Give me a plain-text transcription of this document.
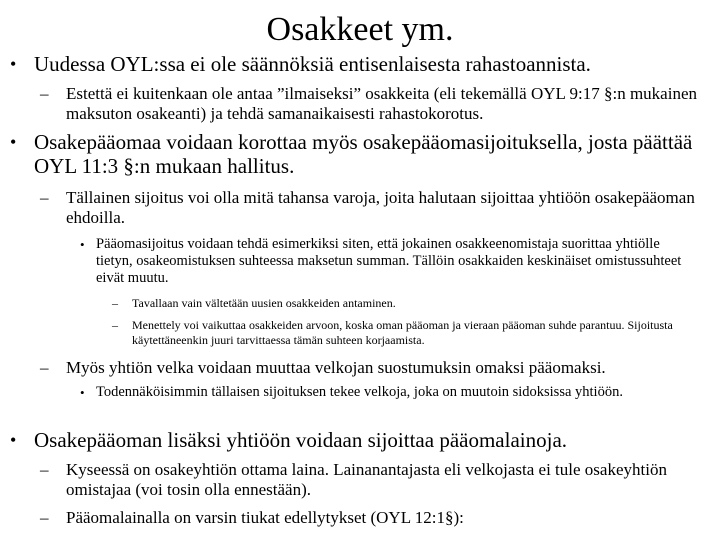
Osakkeet ym.
• Uudessa OYL:ssa ei ole säännöksiä entisenlaisesta rahastoannista.
– Estettä ei kuitenkaan ole antaa ”ilmaiseksi” osakkeita (eli tekemällä OYL 9:17 §:n mukainen maksuton osakeanti) ja tehdä samanaikaisesti rahastokorotus.
• Osakepääomaa voidaan korottaa myös osakepääomasijoituksella, josta päättää OYL 11:3 §:n mukaan hallitus.
– Tällainen sijoitus voi olla mitä tahansa varoja, joita halutaan sijoittaa yhtiöön osakepääoman ehdoilla.
• Pääomasijoitus voidaan tehdä esimerkiksi siten, että jokainen osakkeenomistaja suorittaa yhtiölle tietyn, osakeomistuksen suhteessa maksetun summan. Tällöin osakkaiden keskinäiset omistussuhteet eivät muutu.
– Tavallaan vain vältetään uusien osakkeiden antaminen.
– Menettely voi vaikuttaa osakkeiden arvoon, koska oman pääoman ja vieraan pääoman suhde parantuu. Sijoitusta käytettäneenkin juuri tarvittaessa tämän suhteen korjaamista.
– Myös yhtiön velka voidaan muuttaa velkojan suostumuksin omaksi pääomaksi.
• Todennäköisimmin tällaisen sijoituksen tekee velkoja, joka on muutoin sidoksissa yhtiöön.
• Osakepääoman lisäksi yhtiöön voidaan sijoittaa pääomalainoja.
– Kyseessä on osakeyhtiön ottama laina. Lainanantajasta eli velkojasta ei tule osakeyhtiön omistajaa (voi tosin olla ennestään).
– Pääomalainalla on varsin tiukat edellytykset (OYL 12:1§):
